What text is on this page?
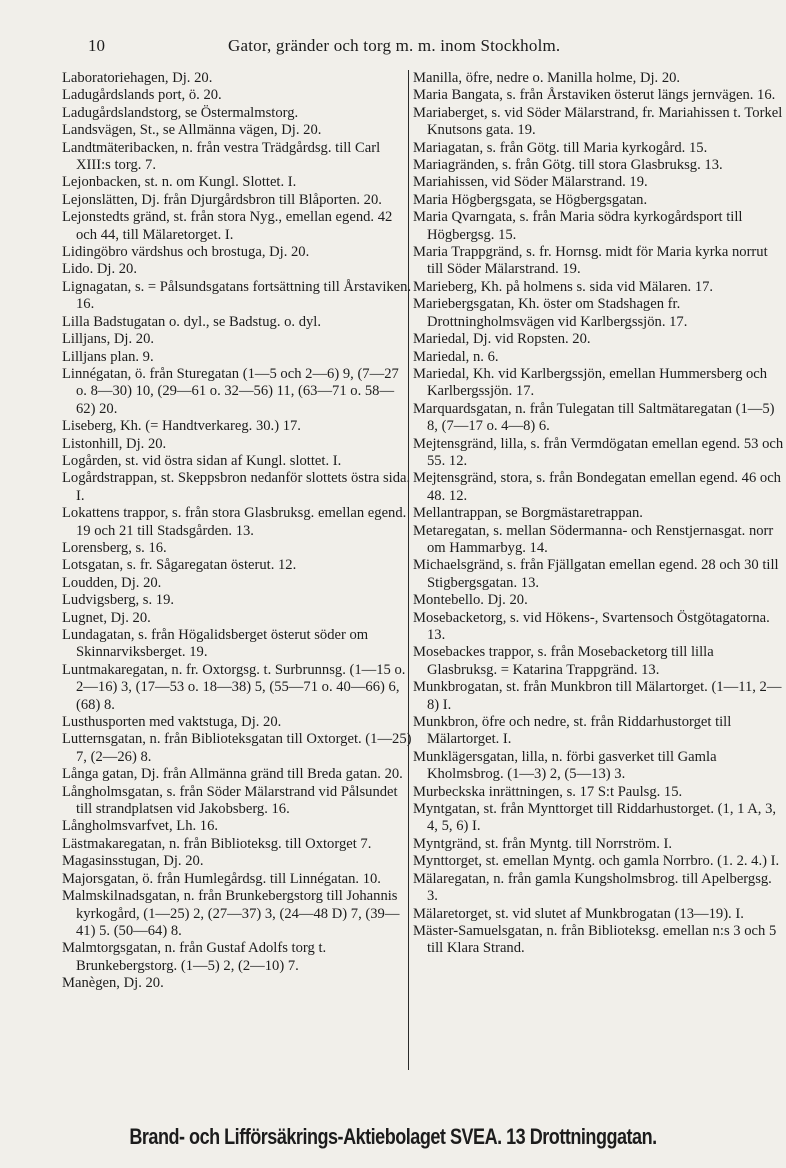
10	Gator, gränder och torg m. m. inom Stockholm.

Laboratoriehagen, Dj. 20.

Ladugårdslands port, ö. 20.

Ladugårdslandstorg, se Östermalmstorg.

Landsvägen, St., se Allmänna vägen, Dj. 20.

Landtmäteribacken, n. från vestra Trädgårdsg. till Carl XIII:s torg. 7.

Lejonbacken, st. n. om Kungl. Slottet. I.

Lejonslätten, Dj. från Djurgårdsbron till Blåporten. 20.

Lejonstedts gränd, st. från stora Nyg., emellan egend. 42 och 44, till Mälaretorget. I.

Lidingöbro värdshus och brostuga, Dj. 20.

Lido. Dj. 20.

Lignagatan, s. = Pålsundsgatans fortsättning till Årstaviken. 16.

Lilla Badstugatan o. dyl., se Badstug. o. dyl.

Lilljans, Dj. 20.

Lilljans plan. 9.

Linnégatan, ö. från Sturegatan (1—5 och 2—6) 9, (7—27 o. 8—30) 10, (29—61 o. 32—56) 11, (63—71 o. 58—62) 20.

Liseberg, Kh. (= Handtverkareg. 30.) 17.

Listonhill, Dj. 20.

Logården, st. vid östra sidan af Kungl. slottet. I.

Logårdstrappan, st. Skeppsbron nedanför slottets östra sida. I.

Lokattens trappor, s. från stora Glasbruksg. emellan egend. 19 och 21 till Stadsgården. 13.

Lorensberg, s. 16.

Lotsgatan, s. fr. Sågaregatan österut. 12.

Loudden, Dj. 20.

Ludvigsberg, s. 19.

Lugnet, Dj. 20.

Lundagatan, s. från Högalidsberget österut söder om Skinnarviksberget. 19.

Luntmakaregatan, n. fr. Oxtorgsg. t. Surbrunnsg. (1—15 o. 2—16) 3, (17—53 o. 18—38) 5, (55—71 o. 40—66) 6, (68) 8.

Lusthusporten med vaktstuga, Dj. 20.

Lutternsgatan, n. från Biblioteksgatan till Oxtorget. (1—25) 7, (2—26) 8.

Långa gatan, Dj. från Allmänna gränd till Breda gatan. 20.

Långholmsgatan, s. från Söder Mälarstrand vid Pålsundet till strandplatsen vid Jakobsberg. 16.

Långholmsvarfvet, Lh. 16.

Lästmakaregatan, n. från Biblioteksg. till Oxtorget 7.

Magasinsstugan, Dj. 20.

Majorsgatan, ö. från Humlegårdsg. till Linnégatan. 10.

Malmskilnadsgatan, n. från Brunkebergstorg till Johannis kyrkogård, (1—25) 2, (27—37) 3, (24—48 D) 7, (39—41) 5. (50—64) 8.

Malmtorgsgatan, n. från Gustaf Adolfs torg t. Brunkebergstorg. (1—5) 2, (2—10) 7.

Manègen, Dj. 20.

Manilla, öfre, nedre o. Manilla holme, Dj. 20.

Maria Bangata, s. från Årstaviken österut längs jernvägen. 16.

Mariaberget, s. vid Söder Mälarstrand, fr. Mariahissen t. Torkel Knutsons gata. 19.

Mariagatan, s. från Götg. till Maria kyrkogård. 15.

Mariagränden, s. från Götg. till stora Glasbruksg. 13.

Mariahissen, vid Söder Mälarstrand. 19.

Maria Högbergsgata, se Högbergsgatan.

Maria Qvarngata, s. från Maria södra kyrkogårdsport till Högbergsg. 15.

Maria Trappgränd, s. fr. Hornsg. midt för Maria kyrka norrut till Söder Mälarstrand. 19.

Marieberg, Kh. på holmens s. sida vid Mälaren. 17.

Mariebergsgatan, Kh. öster om Stadshagen fr. Drottningholmsvägen vid Karlbergssjön. 17.

Mariedal, Dj. vid Ropsten. 20.

Mariedal, n. 6.

Mariedal, Kh. vid Karlbergssjön, emellan Hummersberg och Karlbergssjön. 17.

Marquardsgatan, n. från Tulegatan till Saltmätaregatan (1—5) 8, (7—17 o. 4—8) 6.

Mejtensgränd, lilla, s. från Vermdögatan emellan egend. 53 och 55. 12.

Mejtensgränd, stora, s. från Bondegatan emellan egend. 46 och 48. 12.

Mellantrappan, se Borgmästaretrappan.

Metaregatan, s. mellan Södermanna- och Renstjernasgat. norr om Hammarbyg. 14.

Michaelsgränd, s. från Fjällgatan emellan egend. 28 och 30 till Stigbergsgatan. 13.

Montebello. Dj. 20.

Mosebacketorg, s. vid Hökens-, Svartensoch Östgötagatorna. 13.

Mosebackes trappor, s. från Mosebacketorg till lilla Glasbruksg. = Katarina Trappgränd. 13.

Munkbrogatan, st. från Munkbron till Mälartorget. (1—11, 2—8) I.

Munkbron, öfre och nedre, st. från Riddarhustorget till Mälartorget. I.

Munklägersgatan, lilla, n. förbi gasverket till Gamla Kholmsbrog. (1—3) 2, (5—13) 3.

Murbeckska inrättningen, s. 17 S:t Paulsg. 15.

Myntgatan, st. från Mynttorget till Riddarhustorget. (1, 1 A, 3, 4, 5, 6) I.

Myntgränd, st. från Myntg. till Norrström. I.

Mynttorget, st. emellan Myntg. och gamla Norrbro. (1. 2. 4.) I.

Mälaregatan, n. från gamla Kungsholmsbrog. till Apelbergsg. 3.

Mälaretorget, st. vid slutet af Munkbrogatan (13—19). I.

Mäster-Samuelsgatan, n. från Biblioteksg. emellan n:s 3 och 5 till Klara Strand.

Brand- och Lifförsäkrings-Aktiebolaget SVEA. 13 Drottninggatan.
